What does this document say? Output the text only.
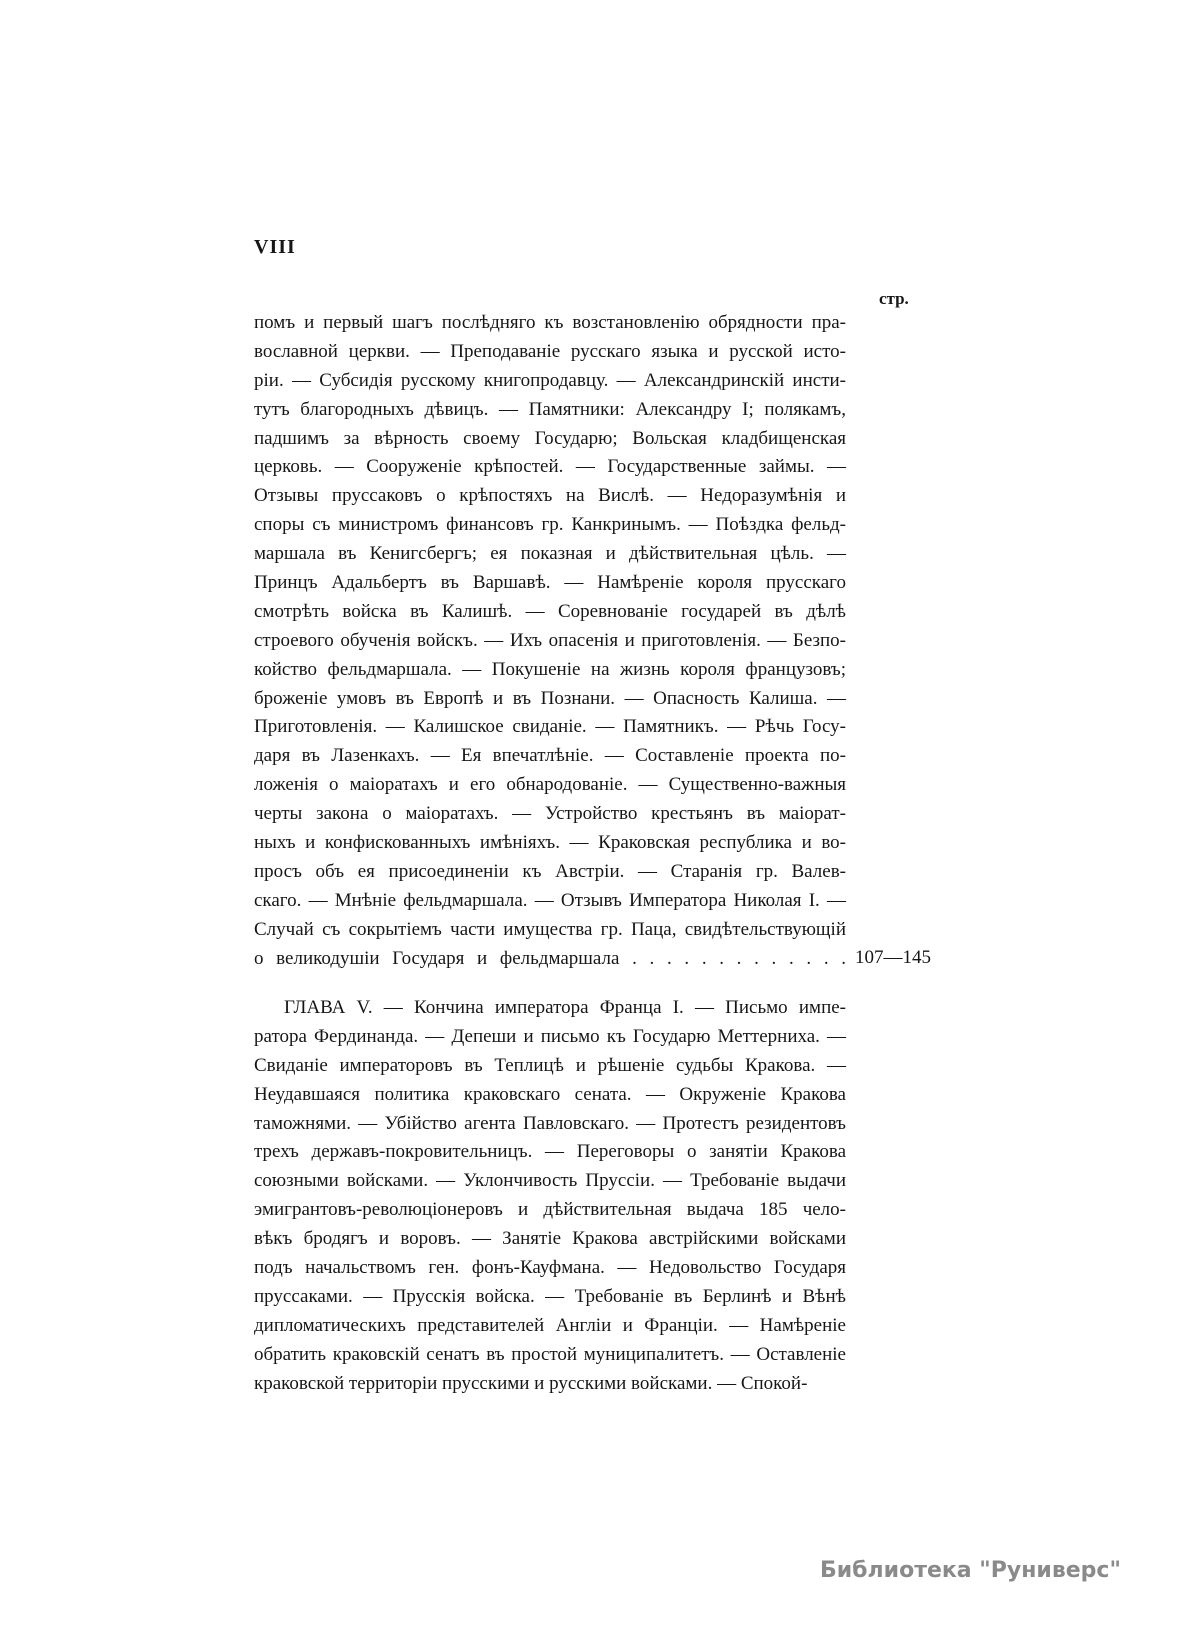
VIII
стр.
помъ и первый шагъ послѣдняго къ возстановленію обрядности пра-
вославной церкви. — Преподаваніе русскаго языка и русской исто-
ріи. — Субсидія русскому книгопродавцу. — Александринскій инсти-
тутъ благородныхъ дѣвицъ. — Памятники: Александру I; полякамъ,
падшимъ за вѣрность своему Государю; Вольская кладбищенская
церковь. — Сооруженіе крѣпостей. — Государственные займы. —
Отзывы пруссаковъ о крѣпостяхъ на Вислѣ. — Недоразумѣнія и
споры съ министромъ финансовъ гр. Канкринымъ. — Поѣздка фельд-
маршала въ Кенигсбергъ; ея показная и дѣйствительная цѣль. —
Принцъ Адальбертъ въ Варшавѣ. — Намѣреніе короля прусскаго
смотрѣть войска въ Калишѣ. — Соревнованіе государей въ дѣлѣ
строевого обученія войскъ. — Ихъ опасенія и приготовленія. — Безпо-
койство фельдмаршала. — Покушеніе на жизнь короля французовъ;
броженіе умовъ въ Европѣ и въ Познани. — Опасность Калиша. —
Приготовленія. — Калишское свиданіе. — Памятникъ. — Рѣчь Госу-
даря въ Лазенкахъ. — Ея впечатлѣніе. — Составленіе проекта по-
ложенія о маіоратахъ и его обнародованіе. — Существенно-важныя
черты закона о маіоратахъ. — Устройство крестьянъ въ маіорат-
ныхъ и конфискованныхъ имѣніяхъ. — Краковская республика и во-
просъ объ ея присоединеніи къ Австріи. — Старанія гр. Валев-
скаго. — Мнѣніе фельдмаршала. — Отзывъ Императора Николая I. —
Случай съ сокрытіемъ части имущества гр. Паца, свидѣтельствующій
о великодушіи Государя и фельдмаршала . . . . . . . . . . . . . 107—145
ГЛАВА V. — Кончина императора Франца I. — Письмо импе-
ратора Фердинанда. — Депеши и письмо къ Государю Меттерниха. —
Свиданіе императоровъ въ Теплицѣ и рѣшеніе судьбы Кракова. —
Неудавшаяся политика краковскаго сената. — Окруженіе Кракова
таможнями. — Убійство агента Павловскаго. — Протестъ резидентовъ
трехъ державъ-покровительницъ. — Переговоры о занятіи Кракова
союзными войсками. — Уклончивость Пруссіи. — Требованіе выдачи
эмигрантовъ-революціонеровъ и дѣйствительная выдача 185 чело-
вѣкъ бродягъ и воровъ. — Занятіе Кракова австрійскими войсками
подъ начальствомъ ген. фонъ-Кауфмана. — Недовольство Государя
пруссаками. — Прусскія войска. — Требованіе въ Берлинѣ и Вѣнѣ
дипломатическихъ представителей Англіи и Франціи. — Намѣреніе
обратить краковскій сенатъ въ простой муниципалитетъ. — Оставленіе
краковской территоріи прусскими и русскими войсками. — Спокой-
Библиотека "Руниверс"
